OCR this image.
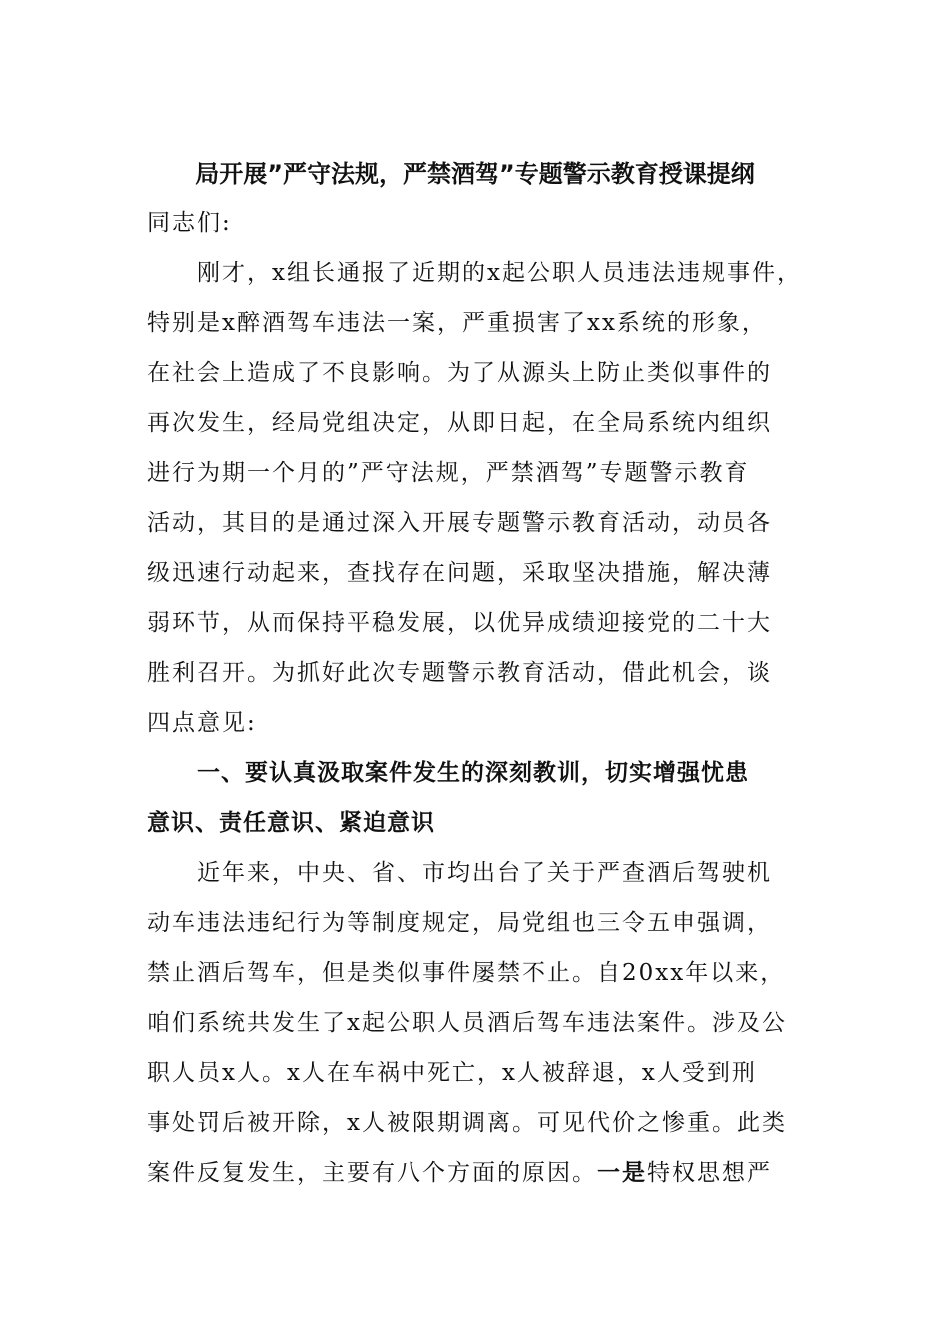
局开展”严守法规，严禁酒驾”专题警示教育授课提纲
同志们:
刚才，x组长通报了近期的x起公职人员违法违规事件，
特别是x醉酒驾车违法一案，严重损害了xx系统的形象，
在社会上造成了不良影响。为了从源头上防止类似事件的
再次发生，经局党组决定，从即日起，在全局系统内组织
进行为期一个月的”严守法规，严禁酒驾”专题警示教育
活动，其目的是通过深入开展专题警示教育活动，动员各
级迅速行动起来，查找存在问题，采取坚决措施，解决薄
弱环节，从而保持平稳发展，以优异成绩迎接党的二十大
胜利召开。为抓好此次专题警示教育活动，借此机会，谈
四点意见:
一、要认真汲取案件发生的深刻教训，切实增强忧患
意识、责任意识、紧迫意识
近年来，中央、省、市均出台了关于严查酒后驾驶机
动车违法违纪行为等制度规定，局党组也三令五申强调，
禁止酒后驾车，但是类似事件屡禁不止。自20xx年以来，
咱们系统共发生了x起公职人员酒后驾车违法案件。涉及公
职人员x人。x人在车祸中死亡，x人被辞退，x人受到刑
事处罚后被开除，x人被限期调离。可见代价之惨重。此类
案件反复发生，主要有八个方面的原因。一是特权思想严
